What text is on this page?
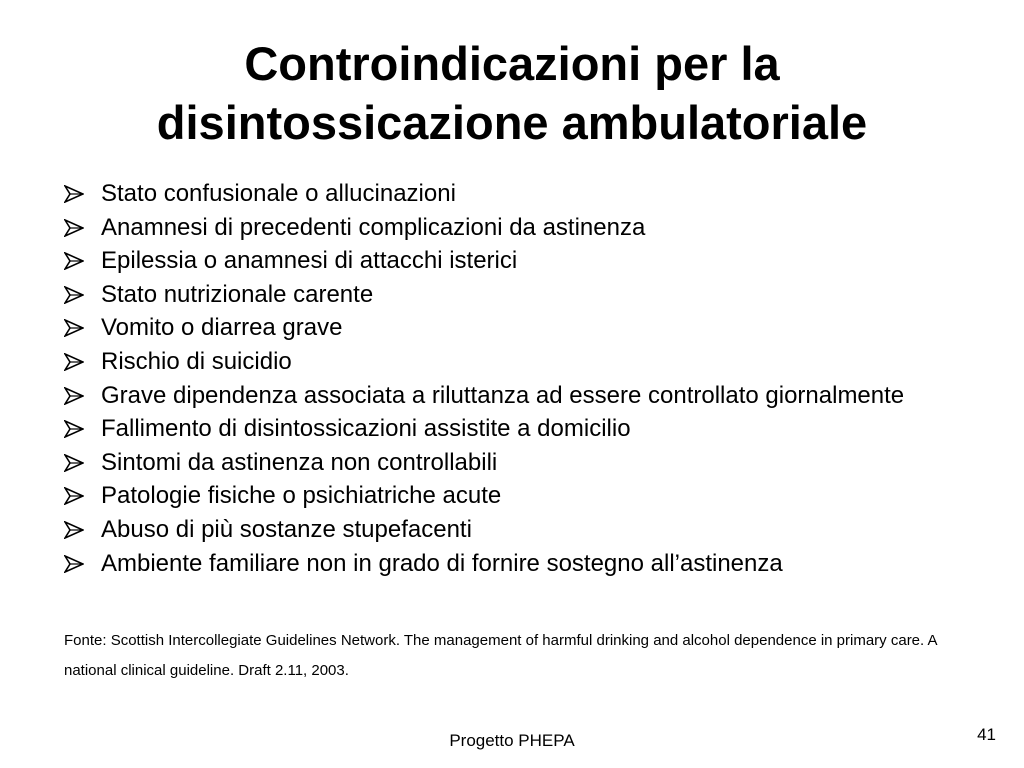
Controindicazioni per la
disintossicazione ambulatoriale
Stato confusionale o allucinazioni
Anamnesi di precedenti complicazioni da astinenza
Epilessia o anamnesi di attacchi isterici
Stato nutrizionale carente
Vomito o diarrea grave
Rischio di suicidio
Grave dipendenza associata a riluttanza ad essere controllato giornalmente
Fallimento di disintossicazioni assistite a domicilio
Sintomi da astinenza non controllabili
Patologie fisiche o psichiatriche acute
Abuso di più sostanze stupefacenti
Ambiente familiare non in grado di fornire sostegno all’astinenza

Fonte: Scottish Intercollegiate Guidelines Network. The management of harmful drinking and alcohol dependence in primary care. A national clinical guideline. Draft 2.11, 2003.

Progetto PHEPA	41
